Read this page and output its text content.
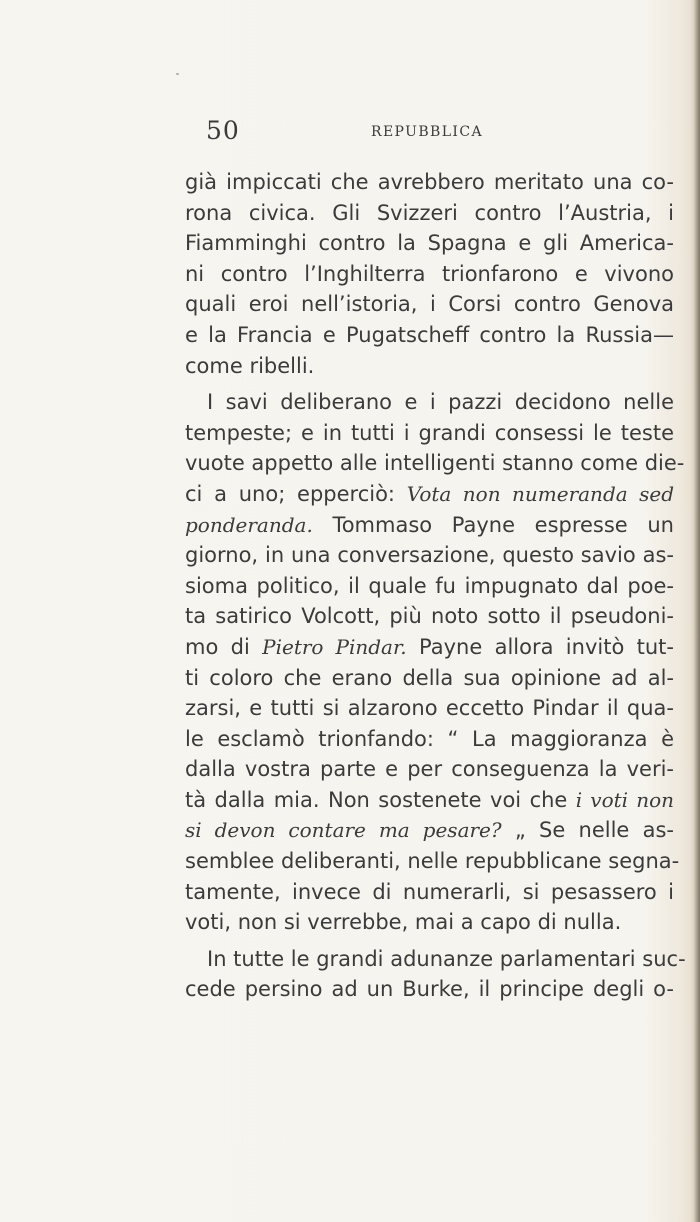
50	REPUBBLICA
già impiccati che avrebbero meritato una co-
rona civica. Gli Svizzeri contro l’Austria, i
Fiamminghi contro la Spagna e gli America-
ni contro l’Inghilterra trionfarono e vivono
quali eroi nell’istoria, i Corsi contro Genova
e la Francia e Pugatscheff contro la Russia—
come ribelli.
I savi deliberano e i pazzi decidono nelle
tempeste; e in tutti i grandi consessi le teste
vuote appetto alle intelligenti stanno come die-
ci a uno; epperciò: Vota non numeranda sed
ponderanda. Tommaso Payne espresse un
giorno, in una conversazione, questo savio as-
sioma politico, il quale fu impugnato dal poe-
ta satirico Volcott, più noto sotto il pseudoni-
mo di Pietro Pindar. Payne allora invitò tut-
ti coloro che erano della sua opinione ad al-
zarsi, e tutti si alzarono eccetto Pindar il qua-
le esclamò trionfando: “ La maggioranza è
dalla vostra parte e per conseguenza la veri-
tà dalla mia. Non sostenete voi che i voti non
si devon contare ma pesare? „ Se nelle as-
semblee deliberanti, nelle repubblicane segna-
tamente, invece di numerarli, si pesassero i
voti, non si verrebbe, mai a capo di nulla.
In tutte le grandi adunanze parlamentari suc-
cede persino ad un Burke, il principe degli o-
